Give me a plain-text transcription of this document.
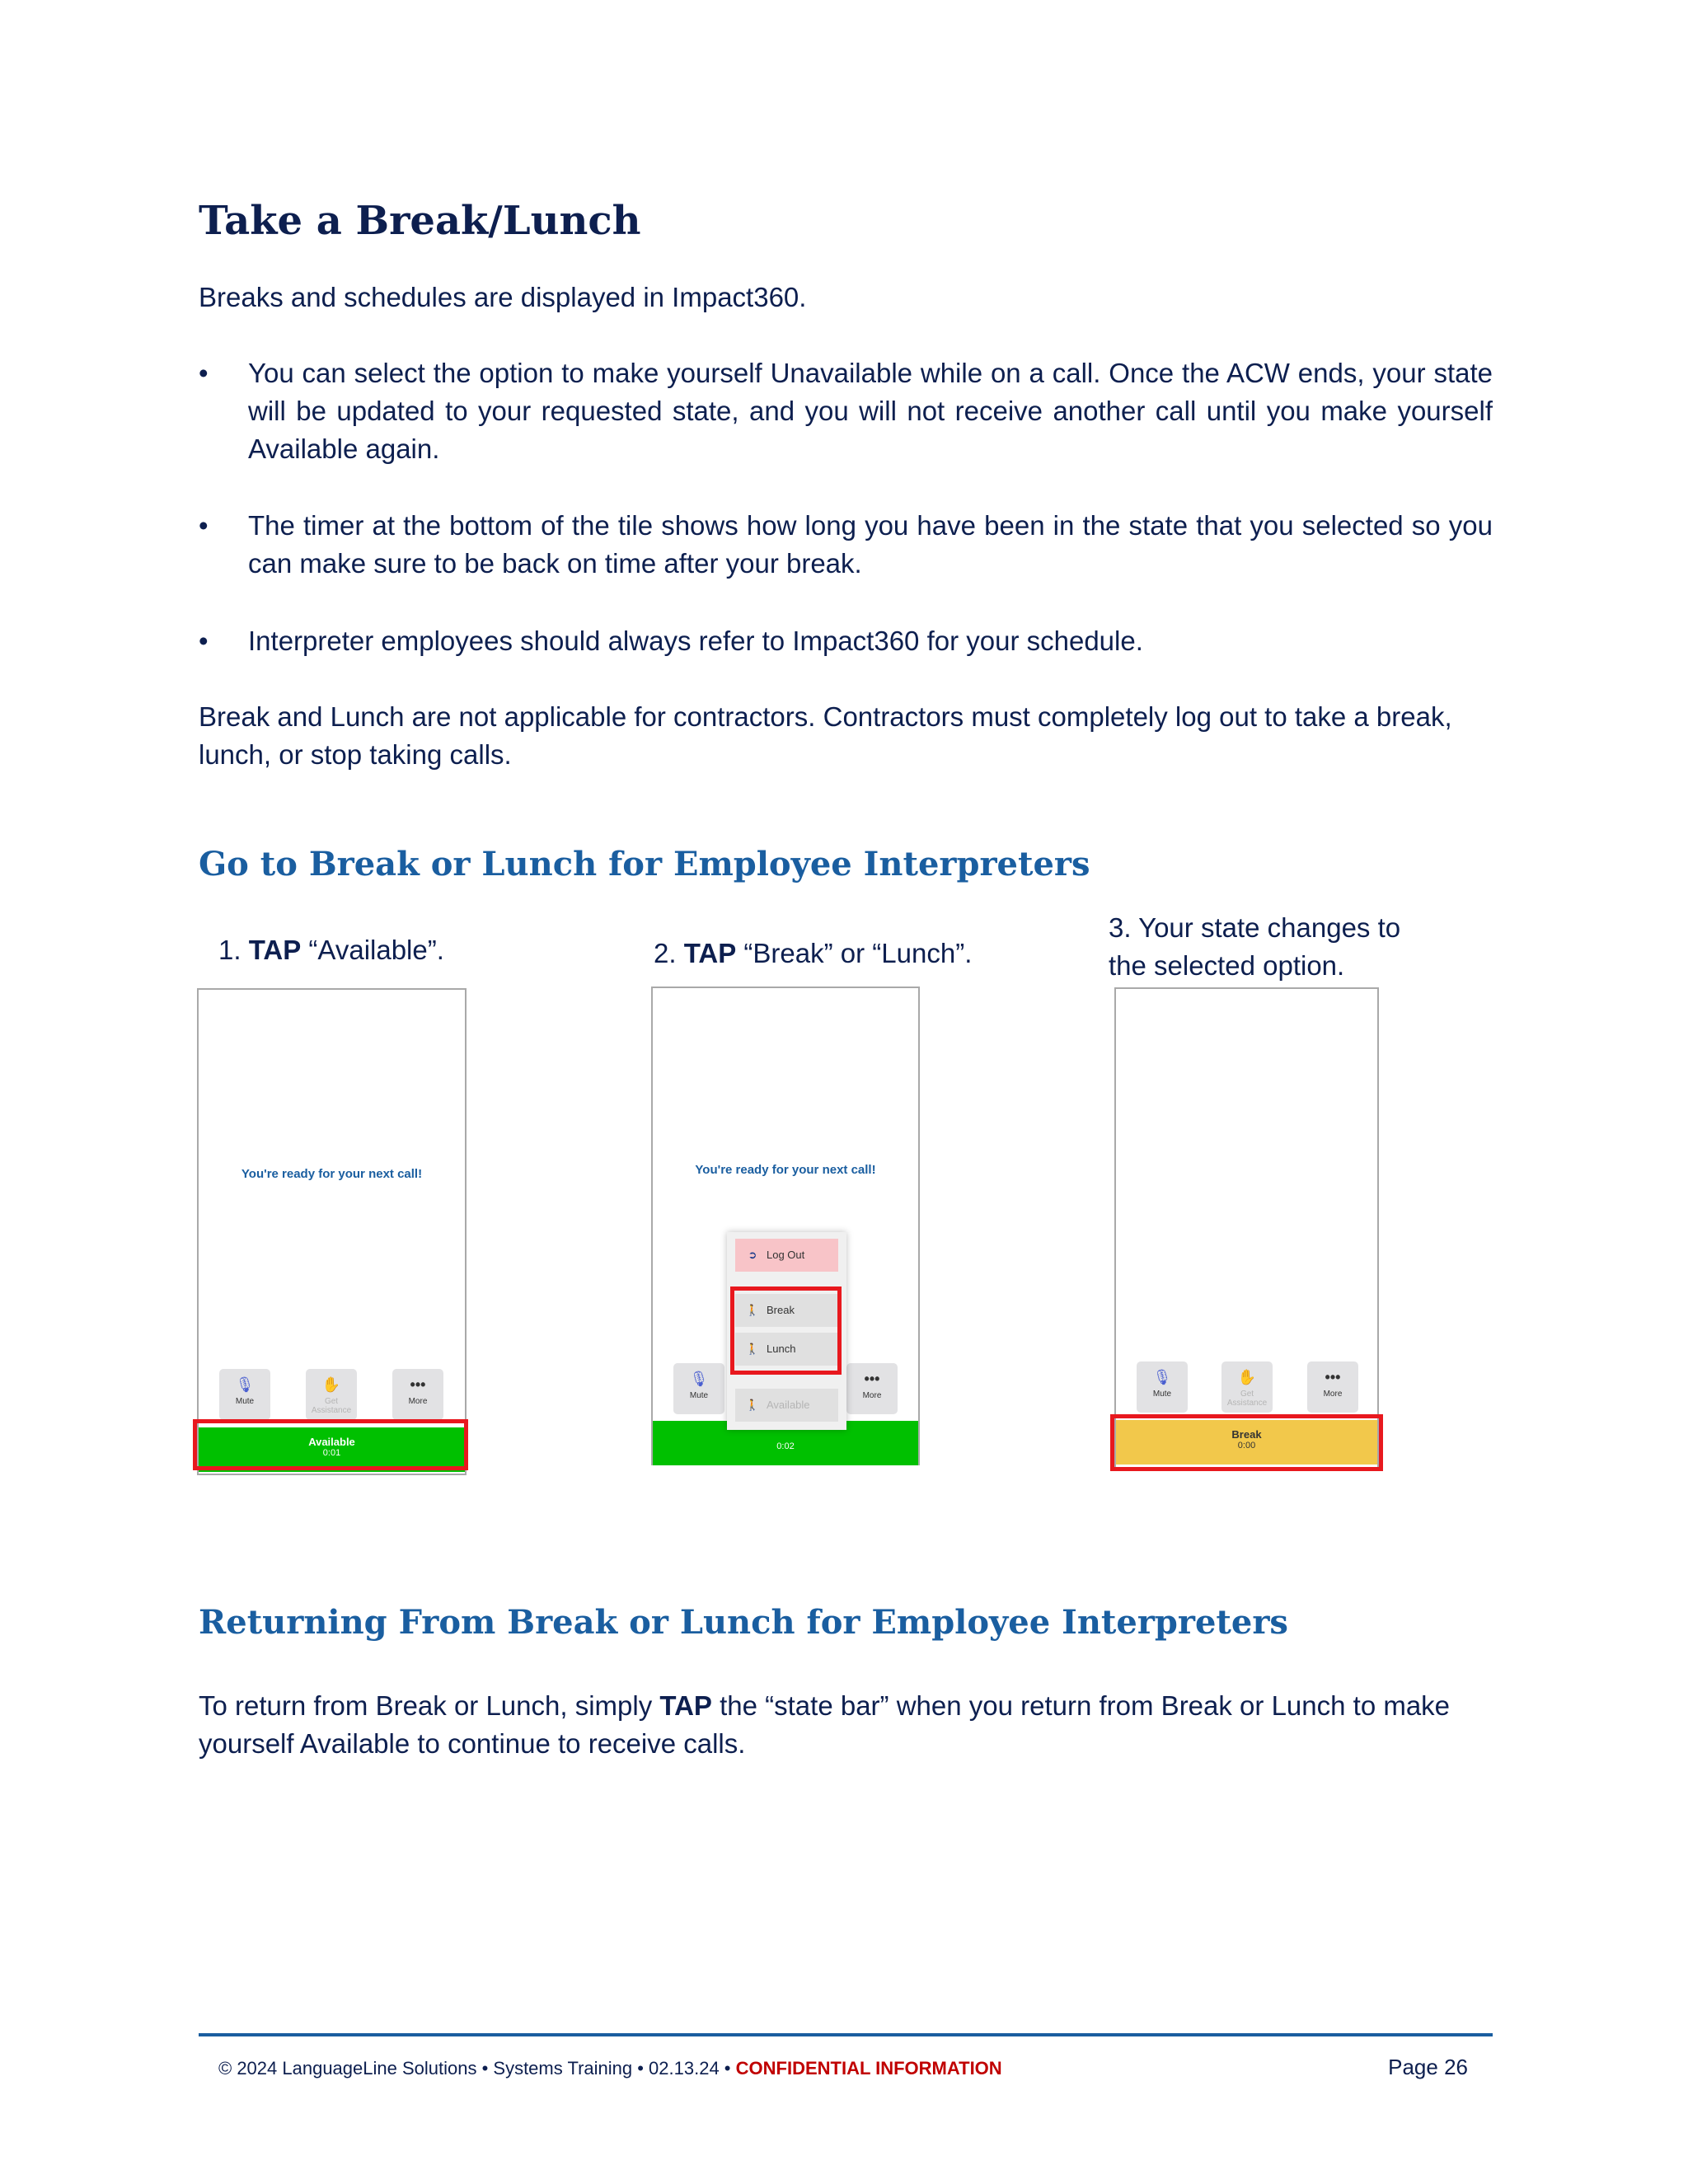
Take a Break/Lunch

Breaks and schedules are displayed in Impact360.

•	You can select the option to make yourself Unavailable while on a call. Once the ACW ends, your state will be updated to your requested state, and you will not receive another call until you make yourself Available again.
•	The timer at the bottom of the tile shows how long you have been in the state that you selected so you can make sure to be back on time after your break.
•	Interpreter employees should always refer to Impact360 for your schedule.

Break and Lunch are not applicable for contractors. Contractors must completely log out to take a break, lunch, or stop taking calls.

Go to Break or Lunch for Employee Interpreters
1. TAP “Available”.	2. TAP “Break” or “Lunch”.
3. Your state changes to
the selected option.
You're ready for your next call!
🎙
Mute
✋
Get Assistance
•••
More
Available
0:01
You're ready for your next call!
🎙
Mute
•••
More
0:02
➲ Log Out
🚶 Break
🚶 Lunch
🚶 Available
🎙
Mute
✋
Get Assistance
•••
More
Break
0:00
Returning From Break or Lunch for Employee Interpreters

To return from Break or Lunch, simply TAP the “state bar” when you return from Break or Lunch to make yourself Available to continue to receive calls.

© 2024 LanguageLine Solutions • Systems Training • 02.13.24 • CONFIDENTIAL INFORMATION	Page 26
